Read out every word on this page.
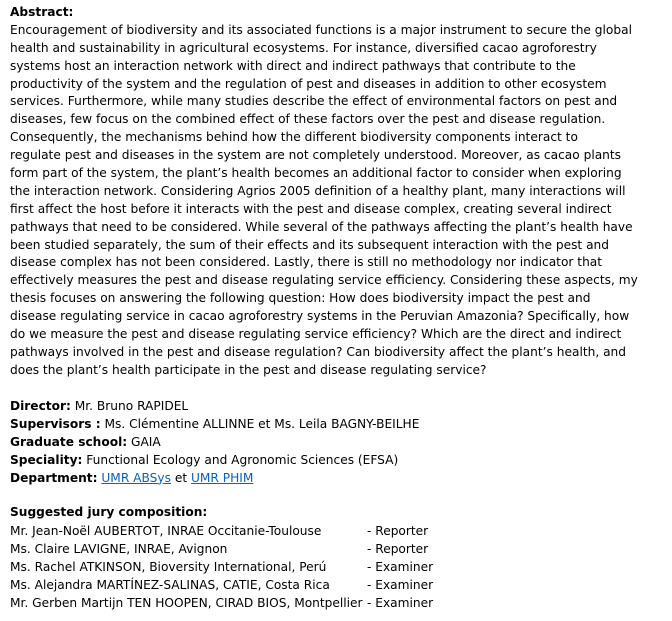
Abstract:
Encouragement of biodiversity and its associated functions is a major instrument to secure the global
health and sustainability in agricultural ecosystems. For instance, diversified cacao agroforestry
systems host an interaction network with direct and indirect pathways that contribute to the
productivity of the system and the regulation of pest and diseases in addition to other ecosystem
services. Furthermore, while many studies describe the effect of environmental factors on pest and
diseases, few focus on the combined effect of these factors over the pest and disease regulation.
Consequently, the mechanisms behind how the different biodiversity components interact to
regulate pest and diseases in the system are not completely understood. Moreover, as cacao plants
form part of the system, the plant’s health becomes an additional factor to consider when exploring
the interaction network. Considering Agrios 2005 definition of a healthy plant, many interactions will
first affect the host before it interacts with the pest and disease complex, creating several indirect
pathways that need to be considered. While several of the pathways affecting the plant’s health have
been studied separately, the sum of their effects and its subsequent interaction with the pest and
disease complex has not been considered. Lastly, there is still no methodology nor indicator that
effectively measures the pest and disease regulating service efficiency. Considering these aspects, my
thesis focuses on answering the following question: How does biodiversity impact the pest and
disease regulating service in cacao agroforestry systems in the Peruvian Amazonia? Specifically, how
do we measure the pest and disease regulating service efficiency? Which are the direct and indirect
pathways involved in the pest and disease regulation? Can biodiversity affect the plant’s health, and
does the plant’s health participate in the pest and disease regulating service?
Director: Mr. Bruno RAPIDEL
Supervisors : Ms. Clémentine ALLINNE et Ms. Leila BAGNY-BEILHE
Graduate school: GAIA
Speciality: Functional Ecology and Agronomic Sciences (EFSA)
Department: UMR ABSys et UMR PHIM
Suggested jury composition:
Mr. Jean-Noël AUBERTOT, INRAE Occitanie-Toulouse	- Reporter
Ms. Claire LAVIGNE, INRAE, Avignon	- Reporter
Ms. Rachel ATKINSON, Bioversity International, Perú	- Examiner
Ms. Alejandra MARTÍNEZ-SALINAS, CATIE, Costa Rica	- Examiner
Mr. Gerben Martijn TEN HOOPEN, CIRAD BIOS, Montpellier - Examiner
